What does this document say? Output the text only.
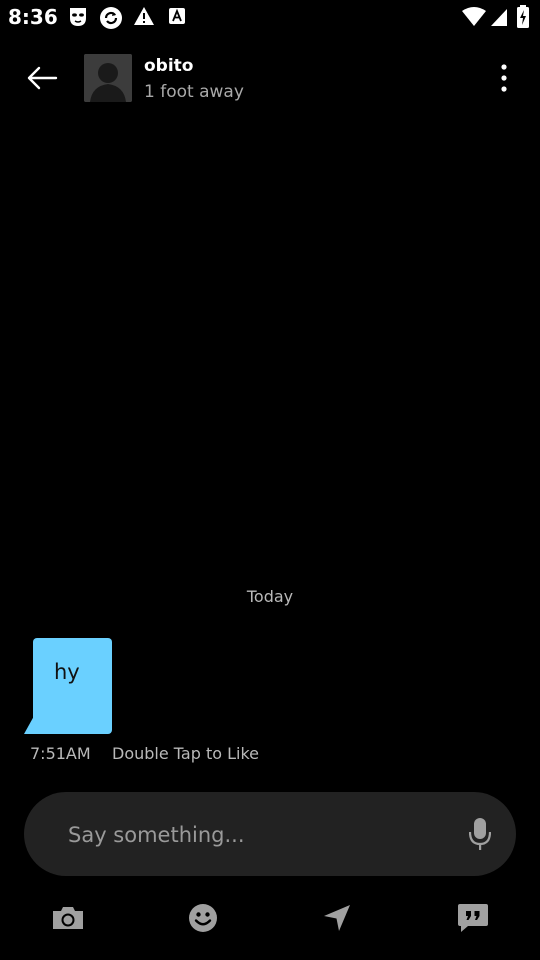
8:36
obito
1 foot away
Today
hy
7:51AM Double Tap to Like
Say something...
